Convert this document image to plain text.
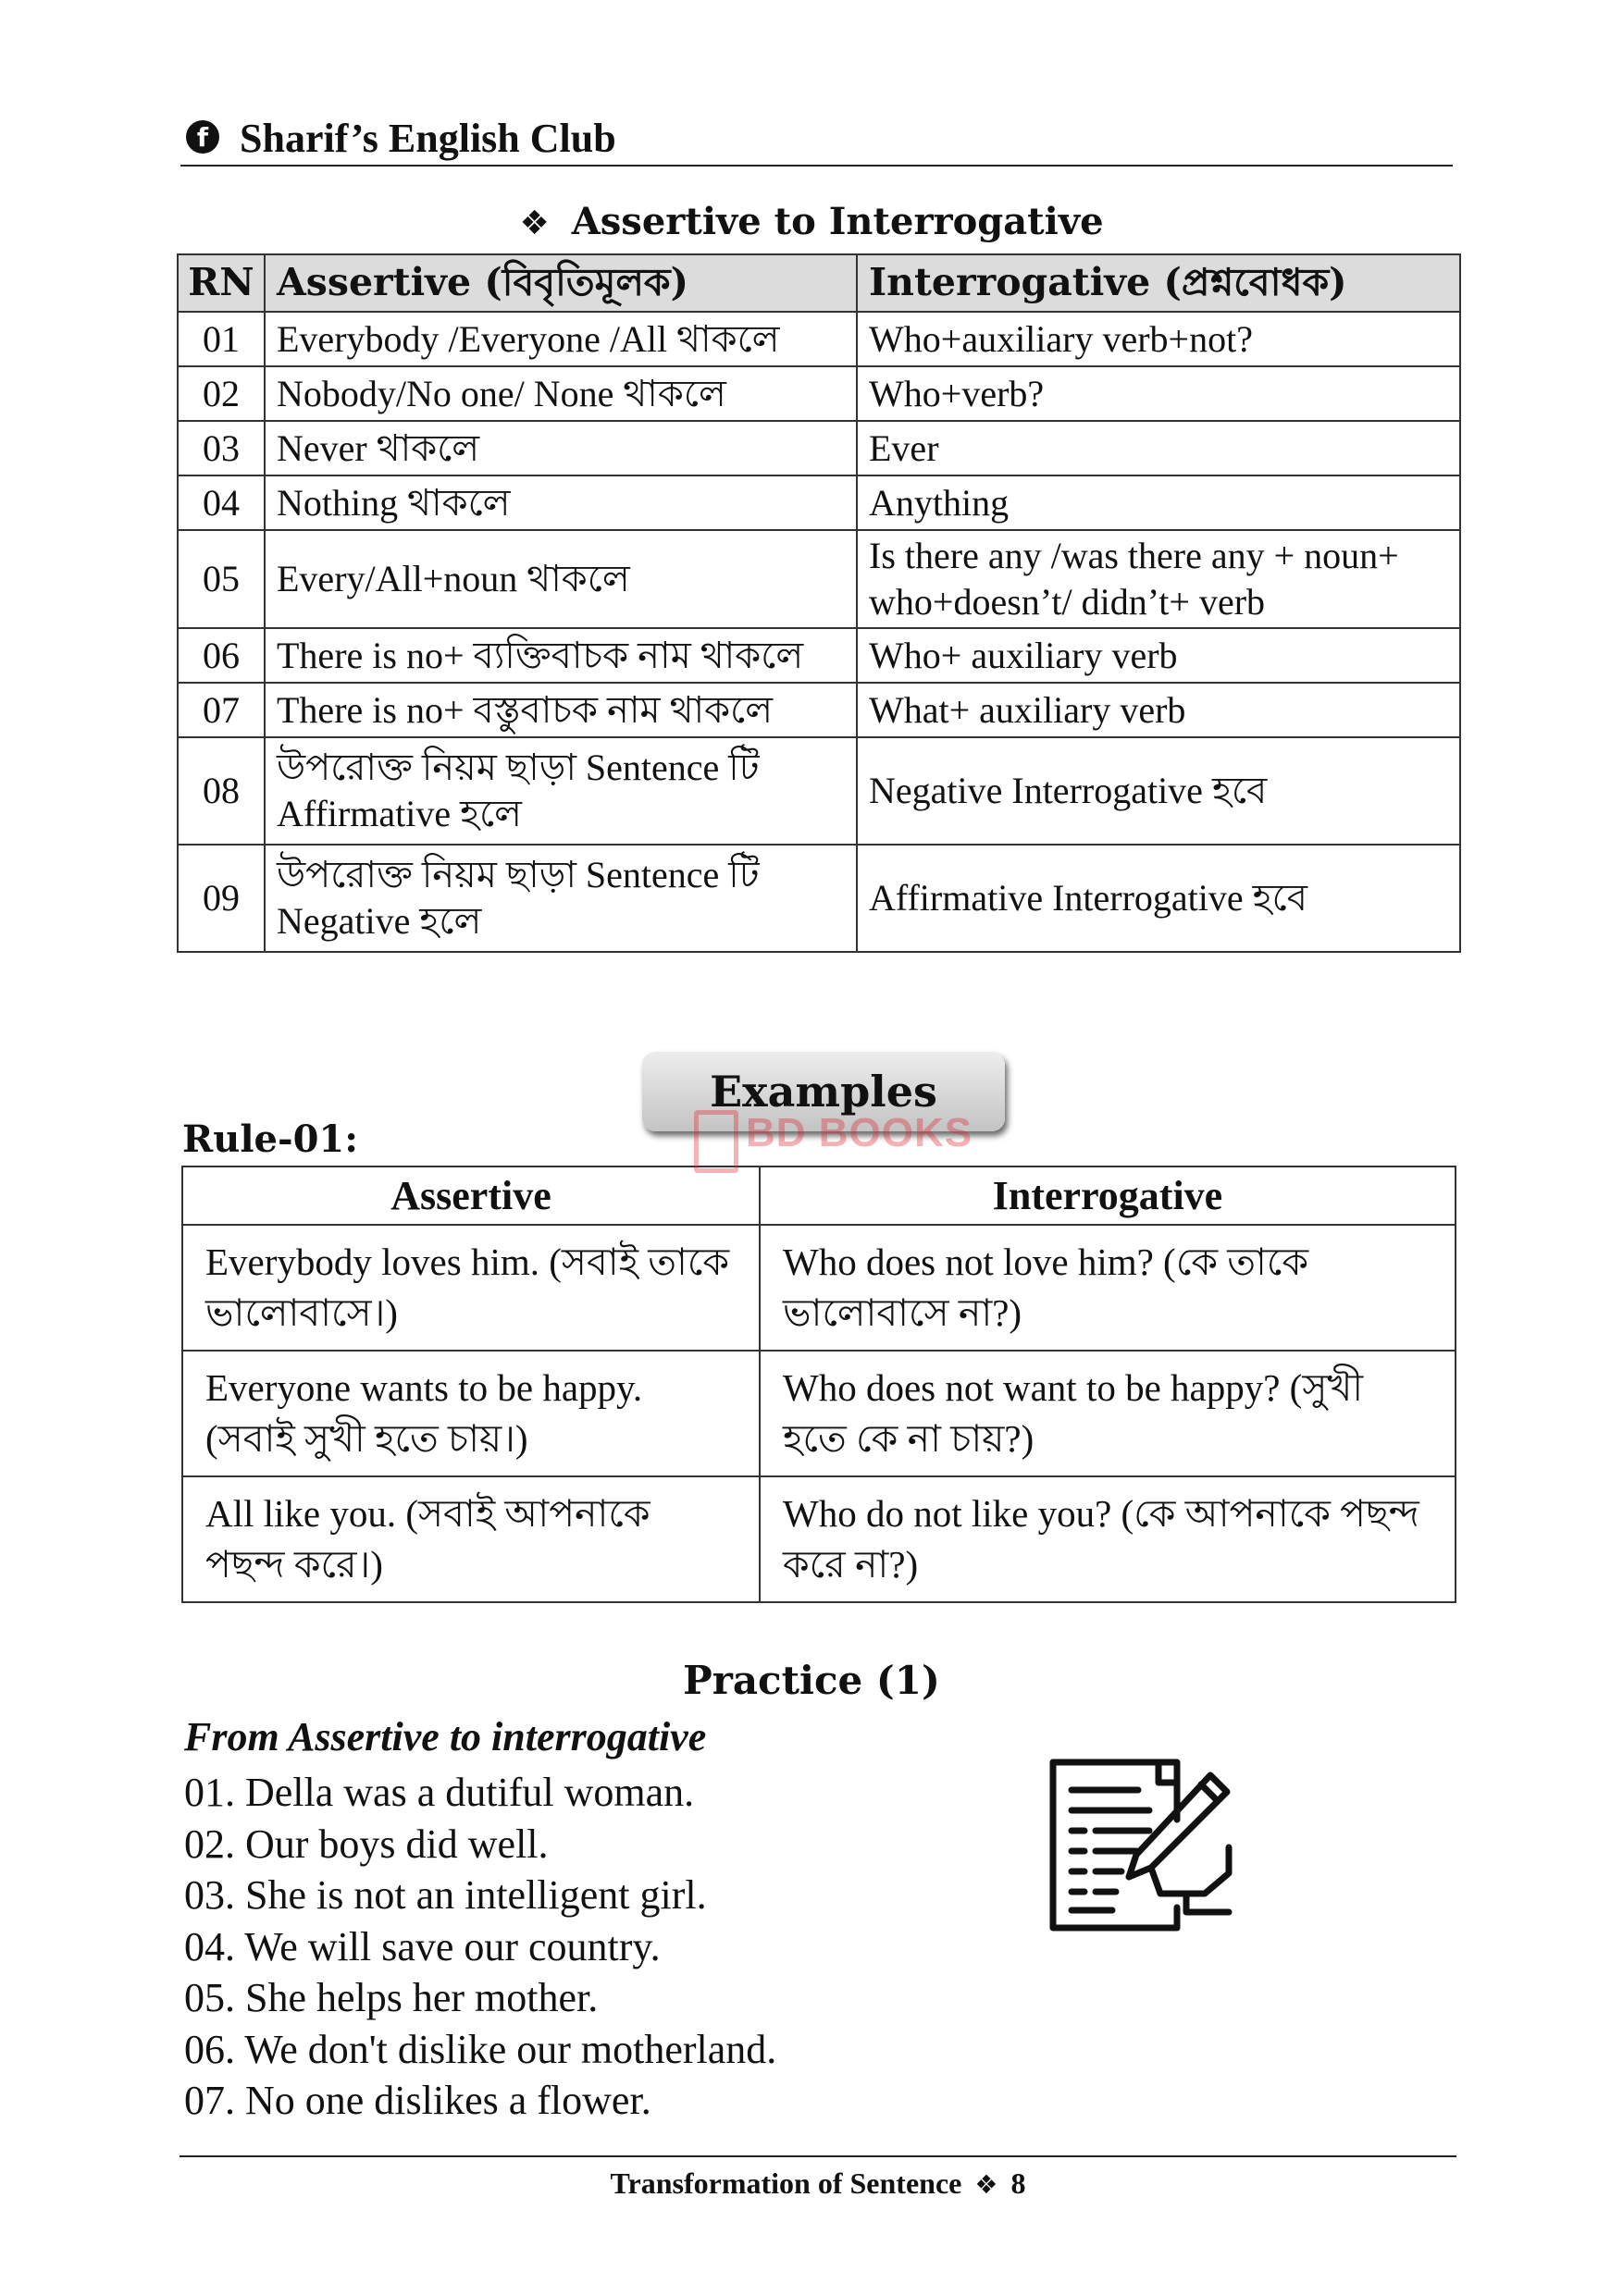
f Sharif’s English Club
❖ Assertive to Interrogative
RN	Assertive (বিবৃতিমূলক)	Interrogative (প্রশ্নবোধক)
01	Everybody /Everyone /All থাকলে	Who+auxiliary verb+not?
02	Nobody/No one/ None থাকলে	Who+verb?
03	Never থাকলে	Ever
04	Nothing থাকলে	Anything
05	Every/All+noun থাকলে	Is there any /was there any + noun+ who+doesn’t/ didn’t+ verb
06	There is no+ ব্যক্তিবাচক নাম থাকলে	Who+ auxiliary verb
07	There is no+ বস্তুবাচক নাম থাকলে	What+ auxiliary verb
08	উপরোক্ত নিয়ম ছাড়া Sentence টি Affirmative হলে	Negative Interrogative হবে
09	উপরোক্ত নিয়ম ছাড়া Sentence টি Negative হলে	Affirmative Interrogative হবে
Examples
Rule-01:
Assertive	Interrogative
Everybody loves him. (সবাই তাকে ভালোবাসে।)	Who does not love him? (কে তাকে ভালোবাসে না?)
Everyone wants to be happy. (সবাই সুখী হতে চায়।)	Who does not want to be happy? (সুখী হতে কে না চায়?)
All like you. (সবাই আপনাকে পছন্দ করে।)	Who do not like you? (কে আপনাকে পছন্দ করে না?)
BD BOOKS
Practice (1)
From Assertive to interrogative
01. Della was a dutiful woman.
02. Our boys did well.
03. She is not an intelligent girl.
04. We will save our country.
05. She helps her mother.
06. We don't dislike our motherland.
07. No one dislikes a flower.
Transformation of Sentence ❖ 8
